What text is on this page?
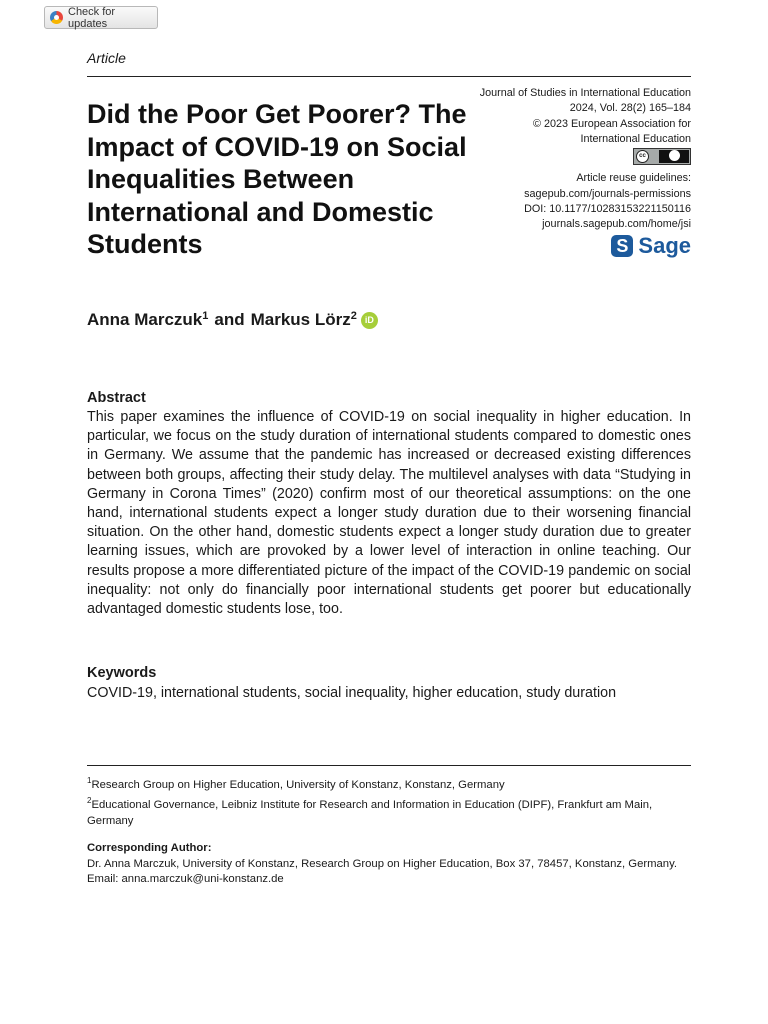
Check for updates
Article
Did the Poor Get Poorer? The Impact of COVID-19 on Social Inequalities Between International and Domestic Students
Journal of Studies in International Education
2024, Vol. 28(2) 165–184
© 2023 European Association for
International Education
cc
Article reuse guidelines:
sagepub.com/journals-permissions
DOI: 10.1177/10283153221150116
journals.sagepub.com/home/jsi
S Sage
Anna Marczuk$^1$ and Markus Lörz$^2$ iD
Abstract

This paper examines the influence of COVID-19 on social inequality in higher education. In particular, we focus on the study duration of international students compared to domestic ones in Germany. We assume that the pandemic has increased or decreased existing differences between both groups, affecting their study delay. The multilevel analyses with data “Studying in Germany in Corona Times” (2020) confirm most of our theoretical assumptions: on the one hand, international students expect a longer study duration due to their worsening financial situation. On the other hand, domestic students expect a longer study duration due to greater learning issues, which are provoked by a lower level of interaction in online teaching. Our results propose a more differentiated picture of the impact of the COVID-19 pandemic on social inequality: not only do financially poor international students get poorer but educationally advantaged domestic students lose, too.

Keywords

COVID-19, international students, social inequality, higher education, study duration

$^1$Research Group on Higher Education, University of Konstanz, Konstanz, Germany
$^2$Educational Governance, Leibniz Institute for Research and Information in Education (DIPF), Frankfurt am Main, Germany
Corresponding Author:
Dr. Anna Marczuk, University of Konstanz, Research Group on Higher Education, Box 37, 78457, Konstanz, Germany.
Email: anna.marczuk@uni-konstanz.de
